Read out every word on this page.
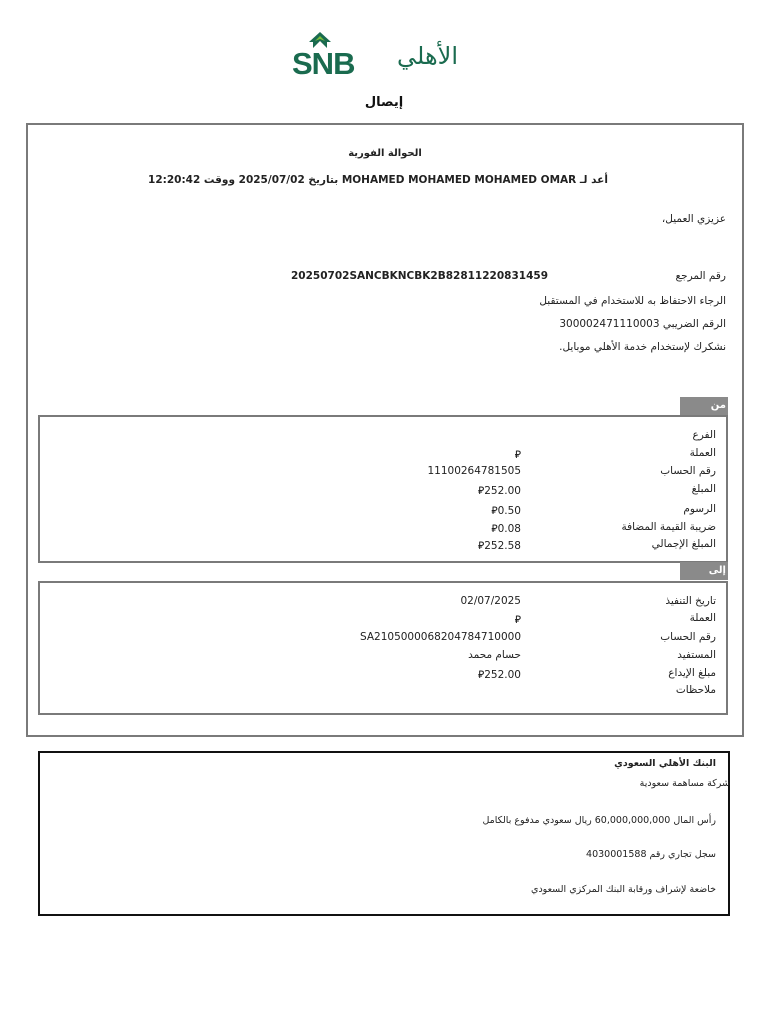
SNB الأهلي
إيصال
الحوالة الفورية
أعد لـ MOHAMED MOHAMED MOHAMED OMAR بتاريخ 2025/07/02 ووقت 12:20:42
عزيزي العميل،
رقم المرجع
20250702SANCBKNCBK2B82811220831459
الرجاء الاحتفاظ به للاستخدام في المستقبل
الرقم الضريبي 300002471110003
نشكرك لإستخدام خدمة الأهلي موبايل.
من
الفرع
العملة
⃁
رقم الحساب
11100264781505
المبلغ
⃁252.00
الرسوم
⃁0.50
ضريبة القيمة المضافة
⃁0.08
المبلغ الإجمالي
⃁252.58
إلى
تاريخ التنفيذ
02/07/2025
العملة
⃁
رقم الحساب
SA2105000068204784710000
المستفيد
حسام محمد
مبلغ الإيداع
⃁252.00
ملاحظات
البنك الأهلي السعودي
شركة مساهمة سعودية
رأس المال 60,000,000,000 ريال سعودي مدفوع بالكامل
سجل تجاري رقم 4030001588
خاضعة لإشراف ورقابة البنك المركزي السعودي
